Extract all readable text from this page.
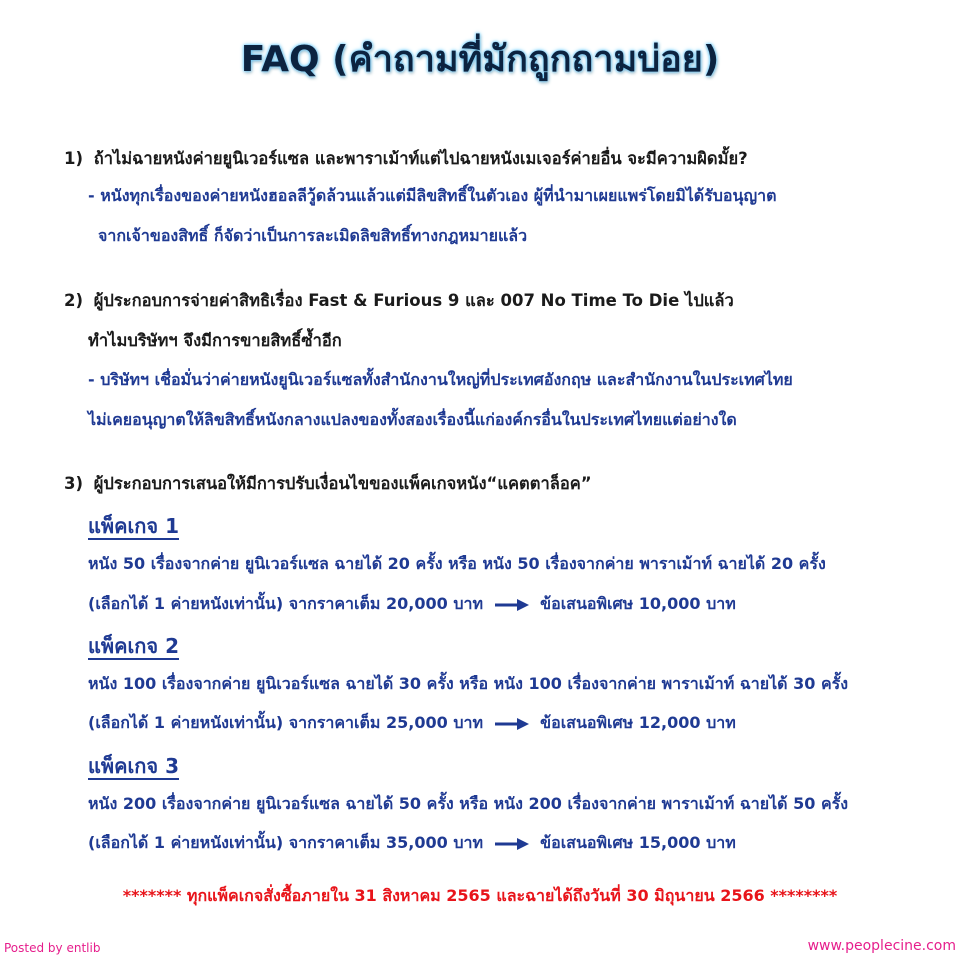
FAQ (คำถามที่มักถูกถามบ่อย)
1) ถ้าไม่ฉายหนังค่ายยูนิเวอร์แซล และพาราเม้าท์แต่ไปฉายหนังเมเจอร์ค่ายอื่น จะมีความผิดมั้ย?
- หนังทุกเรื่องของค่ายหนังฮอลลีวู้ดล้วนแล้วแต่มีลิขสิทธิ์ในตัวเอง ผู้ที่นำมาเผยแพร่โดยมิได้รับอนุญาต
จากเจ้าของสิทธิ์ ก็จัดว่าเป็นการละเมิดลิขสิทธิ์ทางกฎหมายแล้ว
2) ผู้ประกอบการจ่ายค่าสิทธิเรื่อง Fast & Furious 9 และ 007 No Time To Die ไปแล้ว
ทำไมบริษัทฯ จึงมีการขายสิทธิ์ซ้ำอีก
- บริษัทฯ เชื่อมั่นว่าค่ายหนังยูนิเวอร์แซลทั้งสำนักงานใหญ่ที่ประเทศอังกฤษ และสำนักงานในประเทศไทย
ไม่เคยอนุญาตให้ลิขสิทธิ์หนังกลางแปลงของทั้งสองเรื่องนี้แก่องค์กรอื่นในประเทศไทยแต่อย่างใด
3) ผู้ประกอบการเสนอให้มีการปรับเงื่อนไขของแพ็คเกจหนัง“แคตตาล็อค”
แพ็คเกจ 1
หนัง 50 เรื่องจากค่าย ยูนิเวอร์แซล ฉายได้ 20 ครั้ง หรือ หนัง 50 เรื่องจากค่าย พาราเม้าท์ ฉายได้ 20 ครั้ง
(เลือกได้ 1 ค่ายหนังเท่านั้น) จากราคาเต็ม 20,000 บาท	ข้อเสนอพิเศษ 10,000 บาท
แพ็คเกจ 2
หนัง 100 เรื่องจากค่าย ยูนิเวอร์แซล ฉายได้ 30 ครั้ง หรือ หนัง 100 เรื่องจากค่าย พาราเม้าท์ ฉายได้ 30 ครั้ง
(เลือกได้ 1 ค่ายหนังเท่านั้น) จากราคาเต็ม 25,000 บาท	ข้อเสนอพิเศษ 12,000 บาท
แพ็คเกจ 3
หนัง 200 เรื่องจากค่าย ยูนิเวอร์แซล ฉายได้ 50 ครั้ง หรือ หนัง 200 เรื่องจากค่าย พาราเม้าท์ ฉายได้ 50 ครั้ง
(เลือกได้ 1 ค่ายหนังเท่านั้น) จากราคาเต็ม 35,000 บาท	ข้อเสนอพิเศษ 15,000 บาท
******* ทุกแพ็คเกจสั่งซื้อภายใน 31 สิงหาคม 2565 และฉายได้ถึงวันที่ 30 มิถุนายน 2566 ********
Posted by entlib	www.peoplecine.com
